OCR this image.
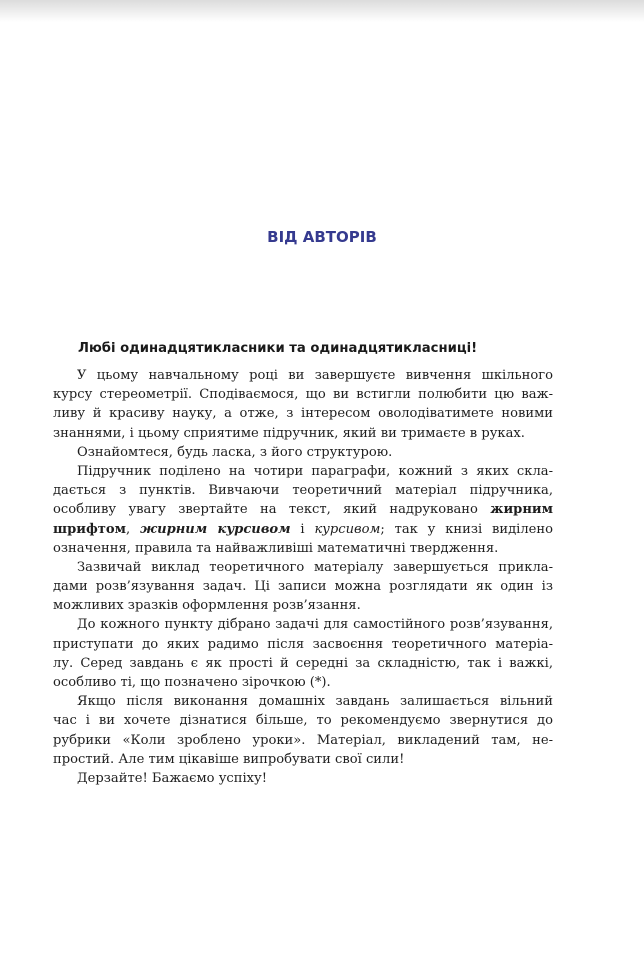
ВІД АВТОРІВ
Любі одинадцятикласники та одинадцятикласниці!
У цьому навчальному році ви завершуєте вивчення шкільного
курсу стереометрії. Сподіваємося, що ви встигли полюбити цю важ-
ливу й красиву науку, а отже, з інтересом оволодіватимете новими
знаннями, і цьому сприятиме підручник, який ви тримаєте в руках.
Ознайомтеся, будь ласка, з його структурою.
Підручник поділено на чотири параграфи, кожний з яких скла-
дається з пунктів. Вивчаючи теоретичний матеріал підручника,
особливу увагу звертайте на текст, який надруковано жирним
шрифтом, жирним курсивом і курсивом; так у книзі виділено
означення, правила та найважливіші математичні твердження.
Зазвичай виклад теоретичного матеріалу завершується прикла-
дами розв’язування задач. Ці записи можна розглядати як один із
можливих зразків оформлення розв’язання.
До кожного пункту дібрано задачі для самостійного розв’язування,
приступати до яких радимо після засвоєння теоретичного матеріа-
лу. Серед завдань є як прості й середні за складністю, так і важкі,
особливо ті, що позначено зірочкою (*).
Якщо після виконання домашніх завдань залишається вільний
час і ви хочете дізнатися більше, то рекомендуємо звернутися до
рубрики «Коли зроблено уроки». Матеріал, викладений там, не-
простий. Але тим цікавіше випробувати свої сили!
Дерзайте! Бажаємо успіху!
